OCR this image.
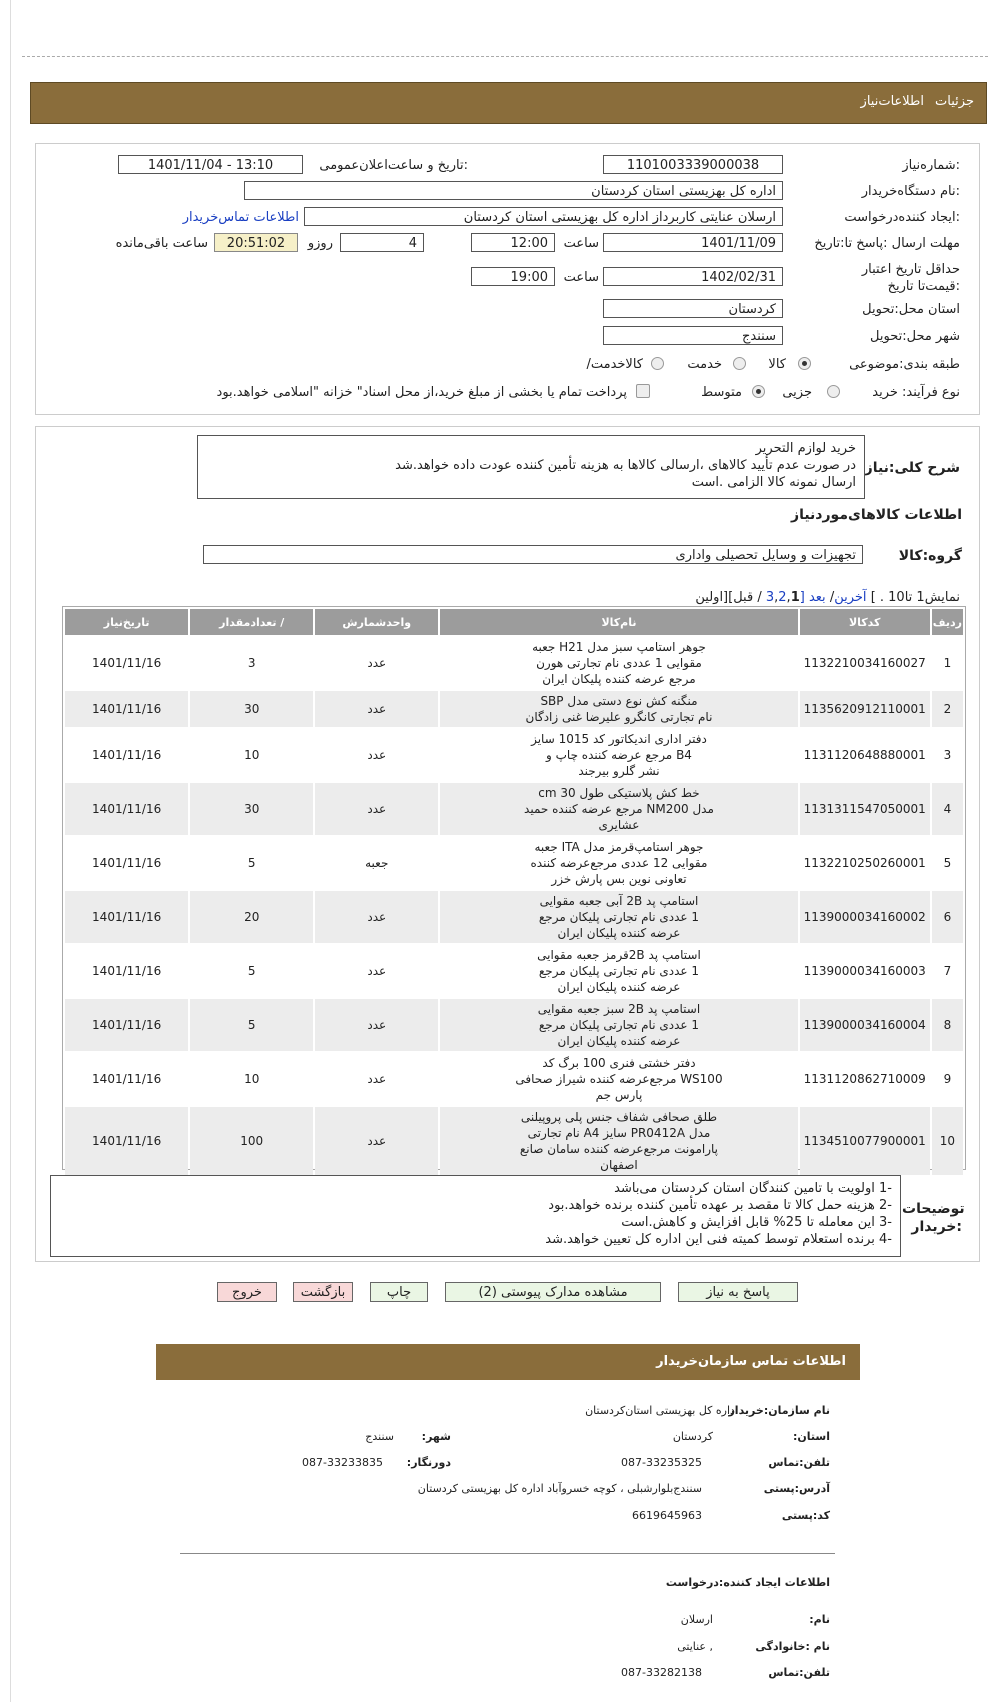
جزئیات
اطلاعات‌نیاز
شماره‌نیاز:
1101003339000038
تاریخ و ساعت‌اعلان‌عمومی:
1401/11/04 - 13:10
نام دستگاه‌خریدار:
اداره کل بهزیستی استان کردستان
ایجاد کننده‌درخواست:
ارسلان عنایتی کاربرداز اداره کل بهزیستی استان کردستان
اطلاعات تماس‌خریدار
مهلت ارسال :پاسخ تا:تاریخ
1401/11/09
ساعت
12:00
4
روزو
20:51:02
ساعت باقی‌مانده
حداقل تاریخ اعتبار :قیمت‌تا تاریخ
1402/02/31
ساعت
19:00
استان محل:تحویل
کردستان
شهر محل:تحویل
سنندج
طبقه بندی:موضوعی
کالا
خدمت
/کالاخدمت
نوع فرآیند: خرید
جزیی
متوسط
پرداخت تمام یا بخشی از مبلغ خرید،از محل اسناد" خزانه "اسلامی خواهد.بود
شرح کلی:نیاز
خرید لوازم التحریر
در صورت عدم تأیید کالاهای ،ارسالی کالاها به هزینه تأمین کننده عودت داده خواهد.شد
ارسال نمونه کالا الزامی .است
اطلاعات کالاهای‌موردنیاز
گروه:کالا
تجهیزات و وسایل تحصیلی واداری
نمایش1 تا10 . ] آخرین/ بعد [3,2,1 / قبل][اولین
ردیف	کدکالا	نام‌کالا	واحدشمارش	/ تعدادمقدار	تاریخ‌نیاز
1	1132210034160027	جوهر استامپ سبز مدل H21 جعبه
مقوایی 1 عددی نام تجارتی هورن
مرجع عرضه کننده پلیکان ایران	عدد	3	1401/11/16
2	1135620912110001	منگنه کش نوع دستی مدل SBP
نام تجارتی کانگرو علیرضا غنی زادگان	عدد	30	1401/11/16
3	1131120648880001	دفتر اداری اندیکاتور کد 1015 سایز
B4 مرجع عرضه کننده چاپ و
نشر گلرو بیرجند	عدد	10	1401/11/16
4	1131311547050001	خط کش پلاستیکی طول 30 cm
مدل NM200 مرجع عرضه کننده حمید
عشایری	عدد	30	1401/11/16
5	1132210250260001	جوهر استامپ‌قرمز مدل ITA جعبه
مقوایی 12 عددی مرجع‌عرضه کننده
تعاونی نوین بس پارش خزر	جعبه	5	1401/11/16
6	1139000034160002	استامپ پد 2B آبی جعبه مقوایی
1 عددی نام تجارتی پلیکان مرجع
عرضه کننده پلیکان ایران	عدد	20	1401/11/16
7	1139000034160003	استامپ پد 2Bقرمز جعبه مقوایی
1 عددی نام تجارتی پلیکان مرجع
عرضه کننده پلیکان ایران	عدد	5	1401/11/16
8	1139000034160004	استامپ پد 2B سبز جعبه مقوایی
1 عددی نام تجارتی پلیکان مرجع
عرضه کننده پلیکان ایران	عدد	5	1401/11/16
9	1131120862710009	دفتر خشتی فنری 100 برگ کد
WS100 مرجع‌عرضه کننده شیراز صحافی
پارس جم	عدد	10	1401/11/16
10	1134510077900001	طلق صحافی شفاف جنس پلی پروپیلنی
مدل PR0412A سایز A4 نام تجارتی
پارامونت مرجع‌عرضه کننده سامان صانع
اصفهان	عدد	100	1401/11/16
توضیحات :خریدار
-1 اولویت با تامین کنندگان استان کردستان می‌باشد
-2 هزینه حمل کالا تا مقصد بر عهده تأمین کننده برنده خواهد.بود
-3 این معامله تا 25% قابل افزایش و کاهش.است
-4 برنده استعلام توسط کمیته فنی این اداره کل تعیین خواهد.شد
پاسخ به نیاز
مشاهده مدارک پیوستی (2)
چاپ
بازگشت
خروج
اطلاعات تماس سازمان‌خریدار
نام سازمان:خریدار
اداره کل بهزیستی استان‌کردستان
:استان
کردستان
:شهر
سنندج
تلفن:تماس
087-33235325
:دورنگار
087-33233835
آدرس:پستی
سنندج‌بلوارشبلی ، کوچه خسروآباد اداره کل بهزیستی کردستان
کد:پستی
6619645963
اطلاعات ایجاد کننده:درخواست
:نام
ارسلان
نام :خانوادگی
عنایتی ,
تلفن:تماس
087-33282138
